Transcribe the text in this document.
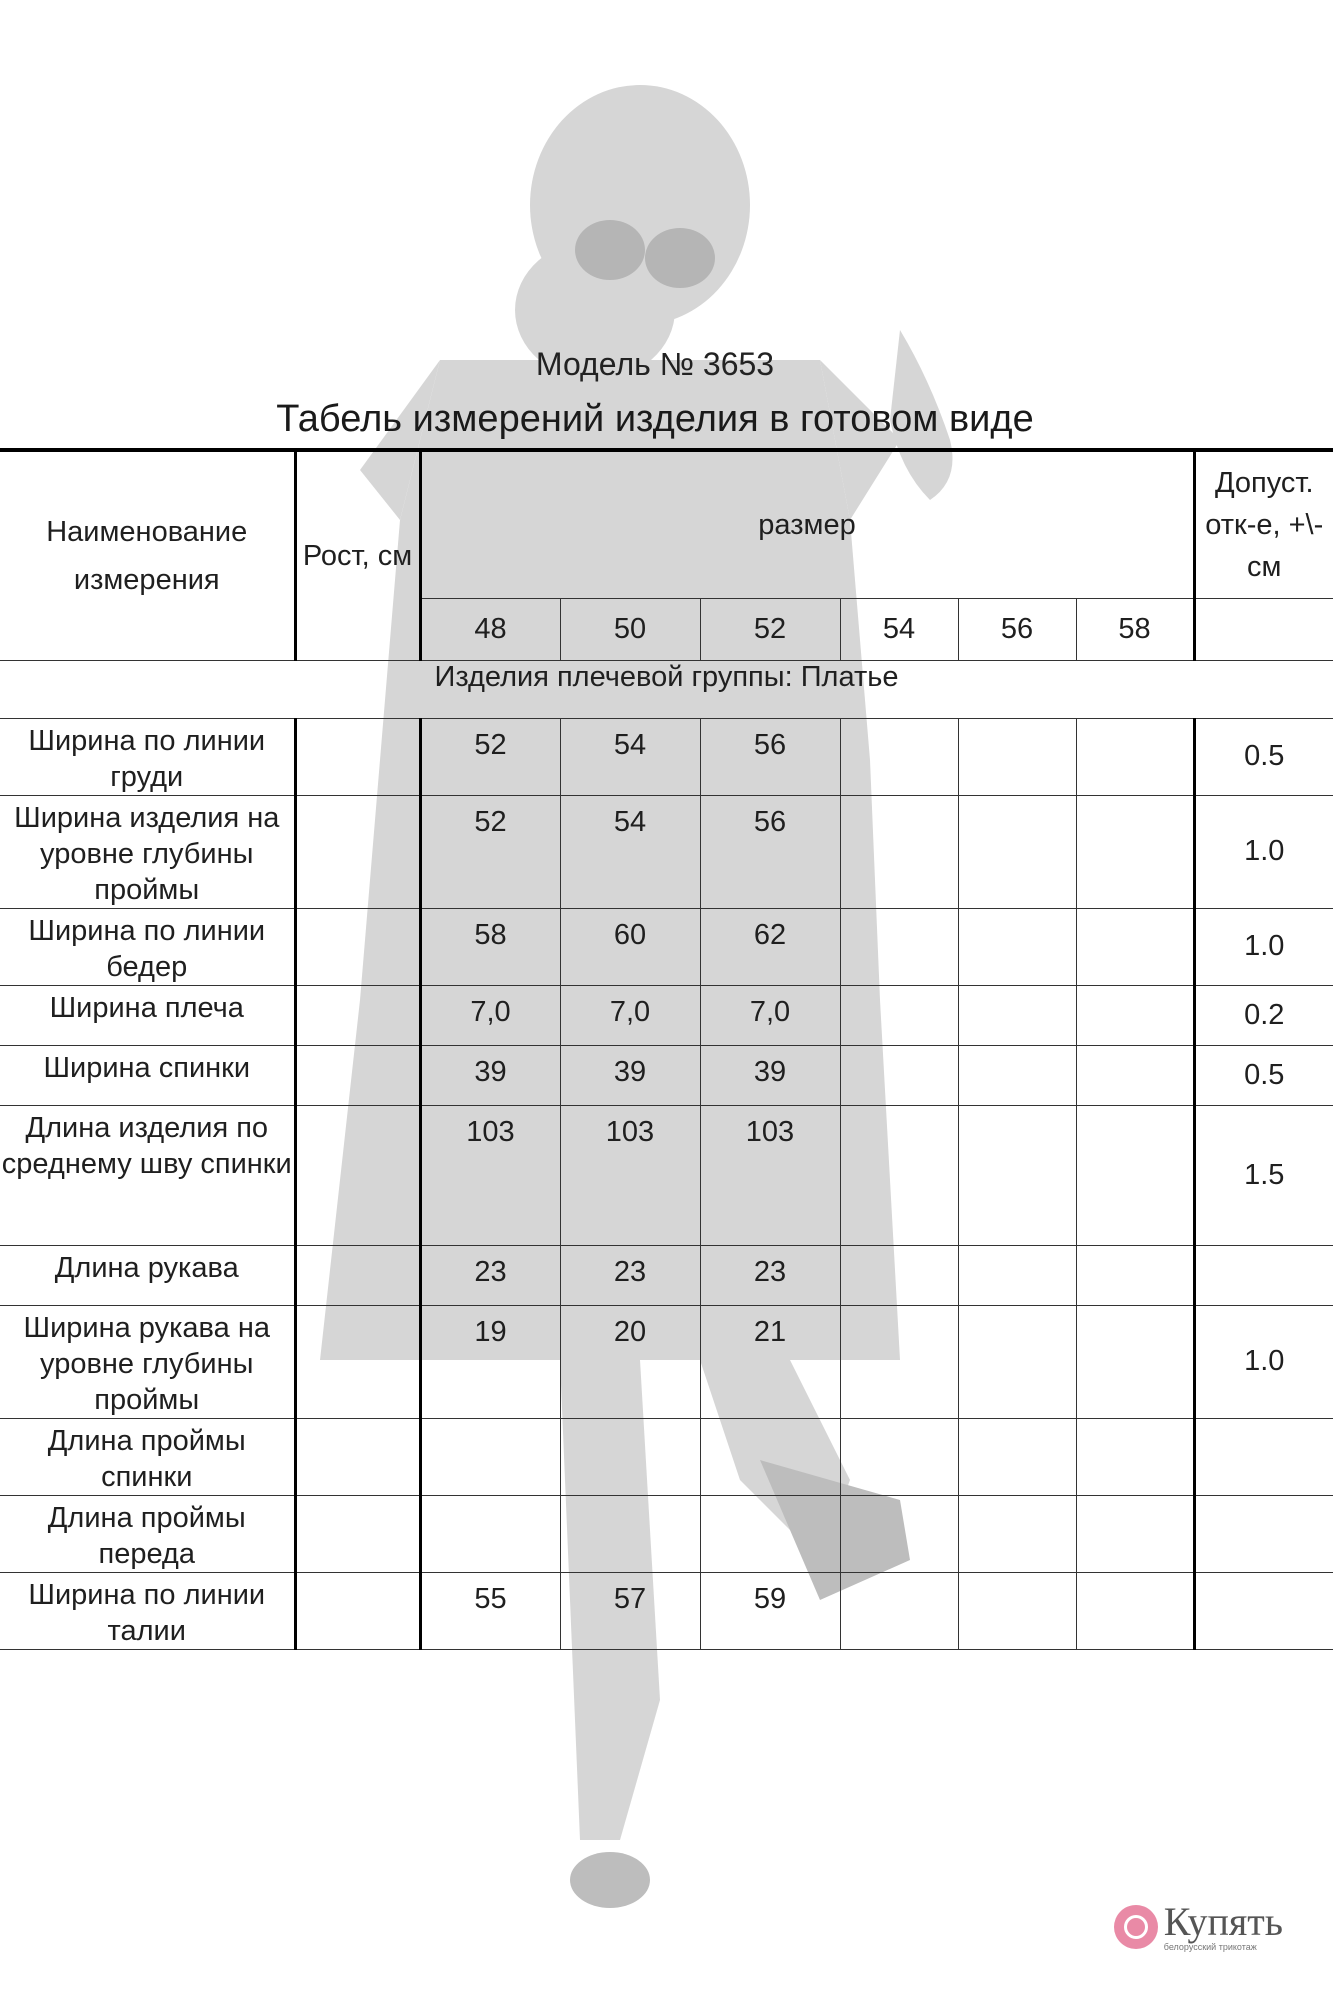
Модель № 3653
Табель измерений изделия в готовом виде
Наименование измерения	Рост, см	размер						Допуст. отк-е, +\-см
		48	50	52	54	56	58	
Изделия плечевой группы: Платье								
Ширина по линии груди		52	54	56				0.5
Ширина изделия на уровне глубины проймы		52	54	56				1.0
Ширина по линии бедер		58	60	62				1.0
Ширина плеча		7,0	7,0	7,0				0.2
Ширина спинки		39	39	39				0.5
Длина изделия по среднему шву спинки		103	103	103				1.5
Длина рукава		23	23	23				
Ширина рукава на уровне глубины проймы		19	20	21				1.0
Длина проймы спинки								
Длина проймы переда								
Ширина по линии талии		55	57	59				
Купять
белорусский трикотаж
